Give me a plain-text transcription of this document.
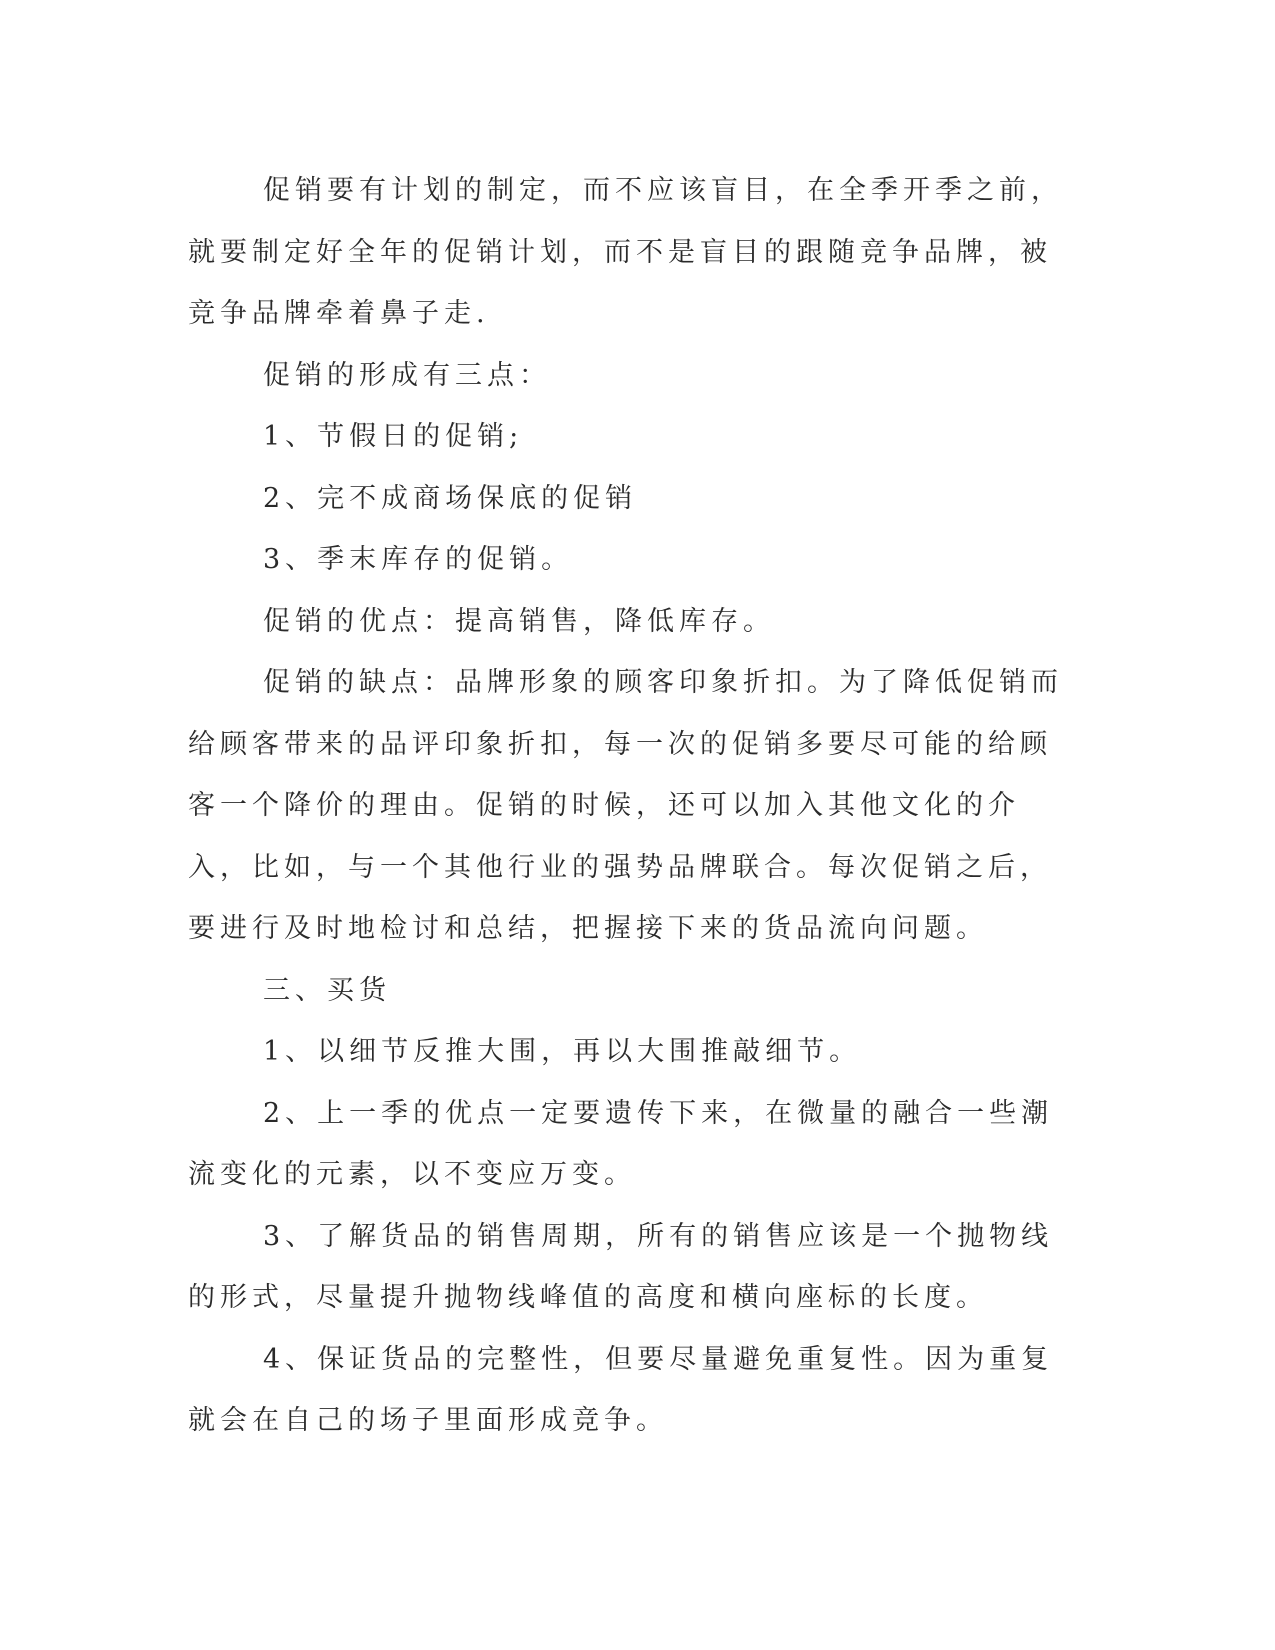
促销要有计划的制定，而不应该盲目，在全季开季之前，就要制定好全年的促销计划，而不是盲目的跟随竞争品牌，被竞争品牌牵着鼻子走.

促销的形成有三点：

1、节假日的促销;

2、完不成商场保底的促销

3、季末库存的促销。

促销的优点：提高销售，降低库存。

促销的缺点：品牌形象的顾客印象折扣。为了降低促销而给顾客带来的品评印象折扣，每一次的促销多要尽可能的给顾客一个降价的理由。促销的时候，还可以加入其他文化的介入，比如，与一个其他行业的强势品牌联合。每次促销之后，要进行及时地检讨和总结，把握接下来的货品流向问题。

三、买货

1、以细节反推大围，再以大围推敲细节。

2、上一季的优点一定要遗传下来，在微量的融合一些潮流变化的元素，以不变应万变。

3、了解货品的销售周期，所有的销售应该是一个抛物线的形式，尽量提升抛物线峰值的高度和横向座标的长度。

4、保证货品的完整性，但要尽量避免重复性。因为重复就会在自己的场子里面形成竞争。
